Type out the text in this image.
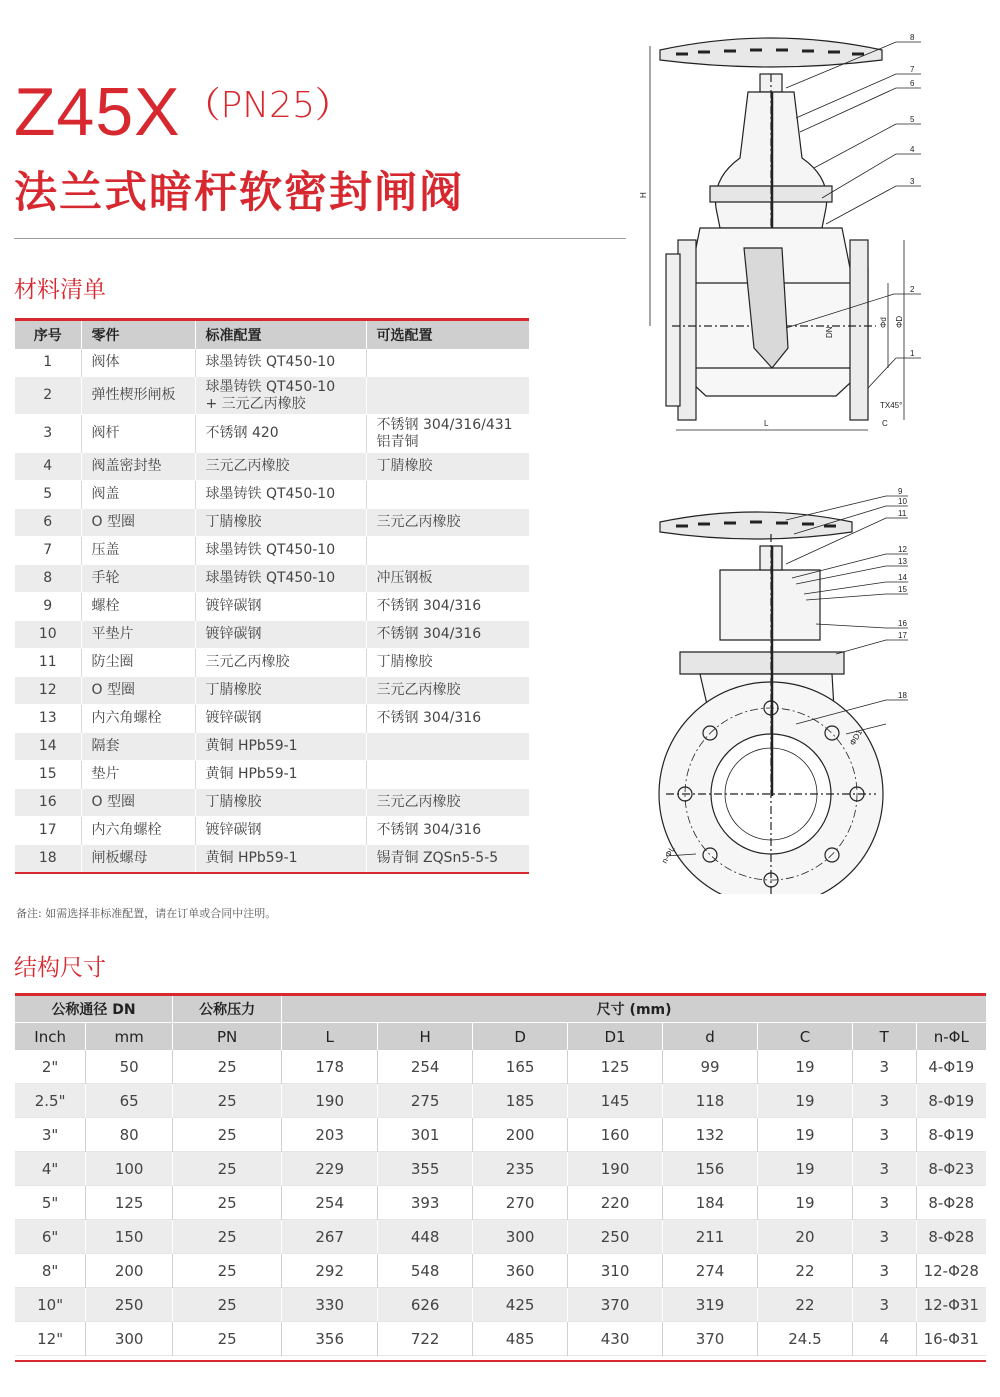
Z45X $^{(PN25)}$
法兰式暗杆软密封闸阀
材料清单
序号	零件	标准配置	可选配置
1	阀体	球墨铸铁 QT450-10	
2	弹性楔形闸板	球墨铸铁 QT450-10
+ 三元乙丙橡胶	
3	阀杆	不锈钢 420	不锈钢 304/316/431
铝青铜
4	阀盖密封垫	三元乙丙橡胶	丁腈橡胶
5	阀盖	球墨铸铁 QT450-10	
6	O 型圈	丁腈橡胶	三元乙丙橡胶
7	压盖	球墨铸铁 QT450-10	
8	手轮	球墨铸铁 QT450-10	冲压钢板
9	螺栓	镀锌碳钢	不锈钢 304/316
10	平垫片	镀锌碳钢	不锈钢 304/316
11	防尘圈	三元乙丙橡胶	丁腈橡胶
12	O 型圈	丁腈橡胶	三元乙丙橡胶
13	内六角螺栓	镀锌碳钢	不锈钢 304/316
14	隔套	黄铜 HPb59-1	
15	垫片	黄铜 HPb59-1	
16	O 型圈	丁腈橡胶	三元乙丙橡胶
17	内六角螺栓	镀锌碳钢	不锈钢 304/316
18	闸板螺母	黄铜 HPb59-1	锡青铜 ZQSn5-5-5
备注: 如需选择非标准配置，请在订单或合同中注明。
结构尺寸
公称通径 DN		公称压力	尺寸 (mm)							
Inch	mm	PN	L	H	D	D1	d	C	T	n-ΦL
2"	50	25	178	254	165	125	99	19	3	4-Φ19
2.5"	65	25	190	275	185	145	118	19	3	8-Φ19
3"	80	25	203	301	200	160	132	19	3	8-Φ19
4"	100	25	229	355	235	190	156	19	3	8-Φ23
5"	125	25	254	393	270	220	184	19	3	8-Φ28
6"	150	25	267	448	300	250	211	20	3	8-Φ28
8"	200	25	292	548	360	310	274	22	3	12-Φ28
10"	250	25	330	626	425	370	319	22	3	12-Φ31
12"	300	25	356	722	485	430	370	24.5	4	16-Φ31
8
7
6
5
4
3
2
1
H
L
DN
Φd ΦD
TX45°
C
9
10
11
12
13
14
15
16
17
18
ΦD1
n-ΦL
